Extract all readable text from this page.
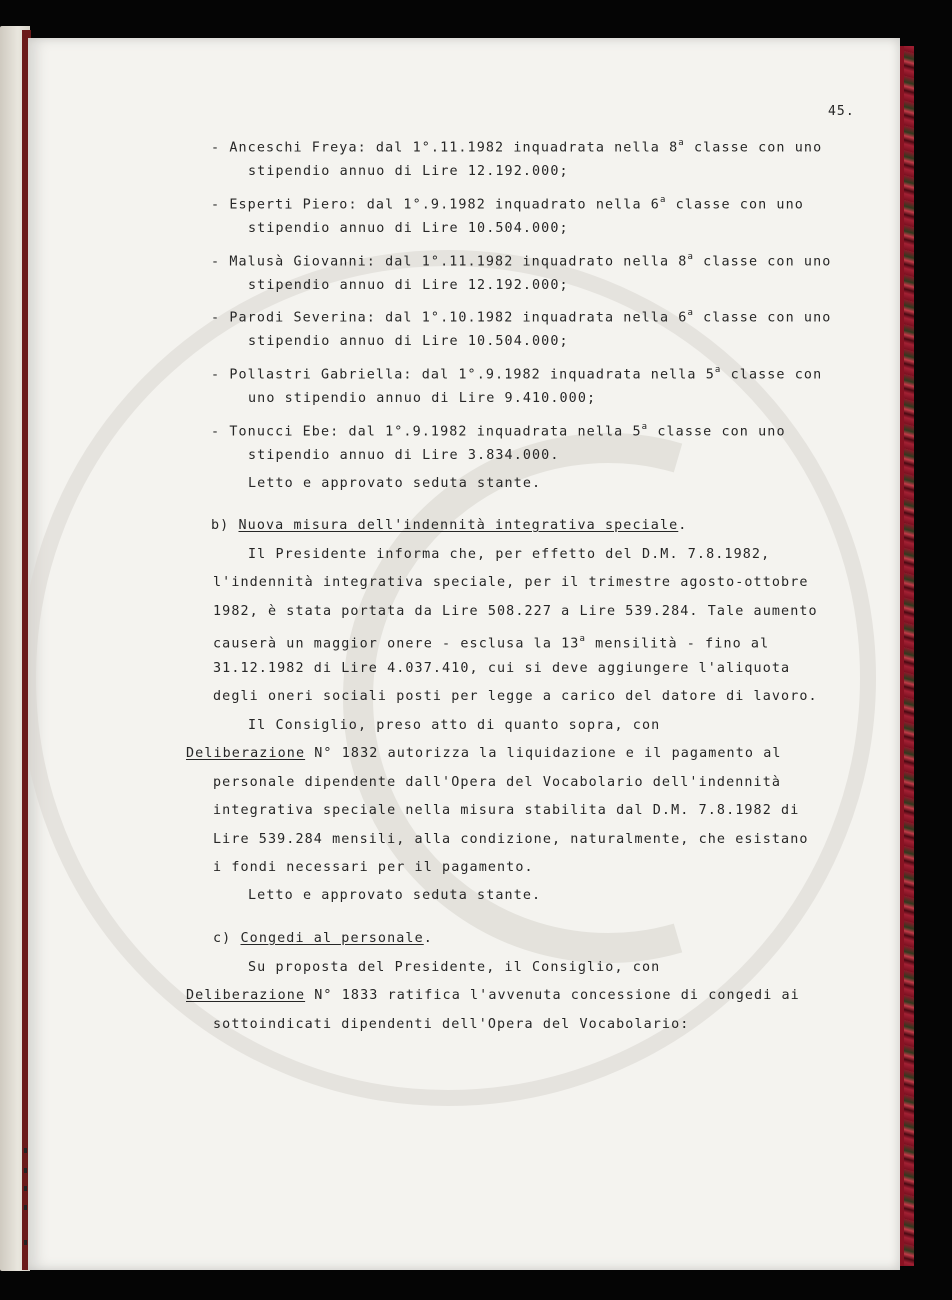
45.
- Anceschi Freya: dal 1°.11.1982 inquadrata nella 8$^a$ classe con uno
stipendio annuo di Lire 12.192.000;
- Esperti Piero: dal 1°.9.1982 inquadrato nella 6$^a$ classe con uno
stipendio annuo di Lire 10.504.000;
- Malusà Giovanni: dal 1°.11.1982 inquadrato nella 8$^a$ classe con uno
stipendio annuo di Lire 12.192.000;
- Parodi Severina: dal 1°.10.1982 inquadrata nella 6$^a$ classe con uno
stipendio annuo di Lire 10.504.000;
- Pollastri Gabriella: dal 1°.9.1982 inquadrata nella 5$^a$ classe con
uno stipendio annuo di Lire 9.410.000;
- Tonucci Ebe: dal 1°.9.1982 inquadrata nella 5$^a$ classe con uno
stipendio annuo di Lire 3.834.000.
Letto e approvato seduta stante.
b) Nuova misura dell'indennità integrativa speciale.
Il Presidente informa che, per effetto del D.M. 7.8.1982,
l'indennità integrativa speciale, per il trimestre agosto-ottobre
1982, è stata portata da Lire 508.227 a Lire 539.284. Tale aumento
causerà un maggior onere - esclusa la 13$^a$ mensilità - fino al
31.12.1982 di Lire 4.037.410, cui si deve aggiungere l'aliquota
degli oneri sociali posti per legge a carico del datore di lavoro.
Il Consiglio, preso atto di quanto sopra, con
Deliberazione N° 1832 autorizza la liquidazione e il pagamento al
personale dipendente dall'Opera del Vocabolario dell'indennità
integrativa speciale nella misura stabilita dal D.M. 7.8.1982 di
Lire 539.284 mensili, alla condizione, naturalmente, che esistano
i fondi necessari per il pagamento.
Letto e approvato seduta stante.
c) Congedi al personale.
Su proposta del Presidente, il Consiglio, con
Deliberazione N° 1833 ratifica l'avvenuta concessione di congedi ai
sottoindicati dipendenti dell'Opera del Vocabolario:
